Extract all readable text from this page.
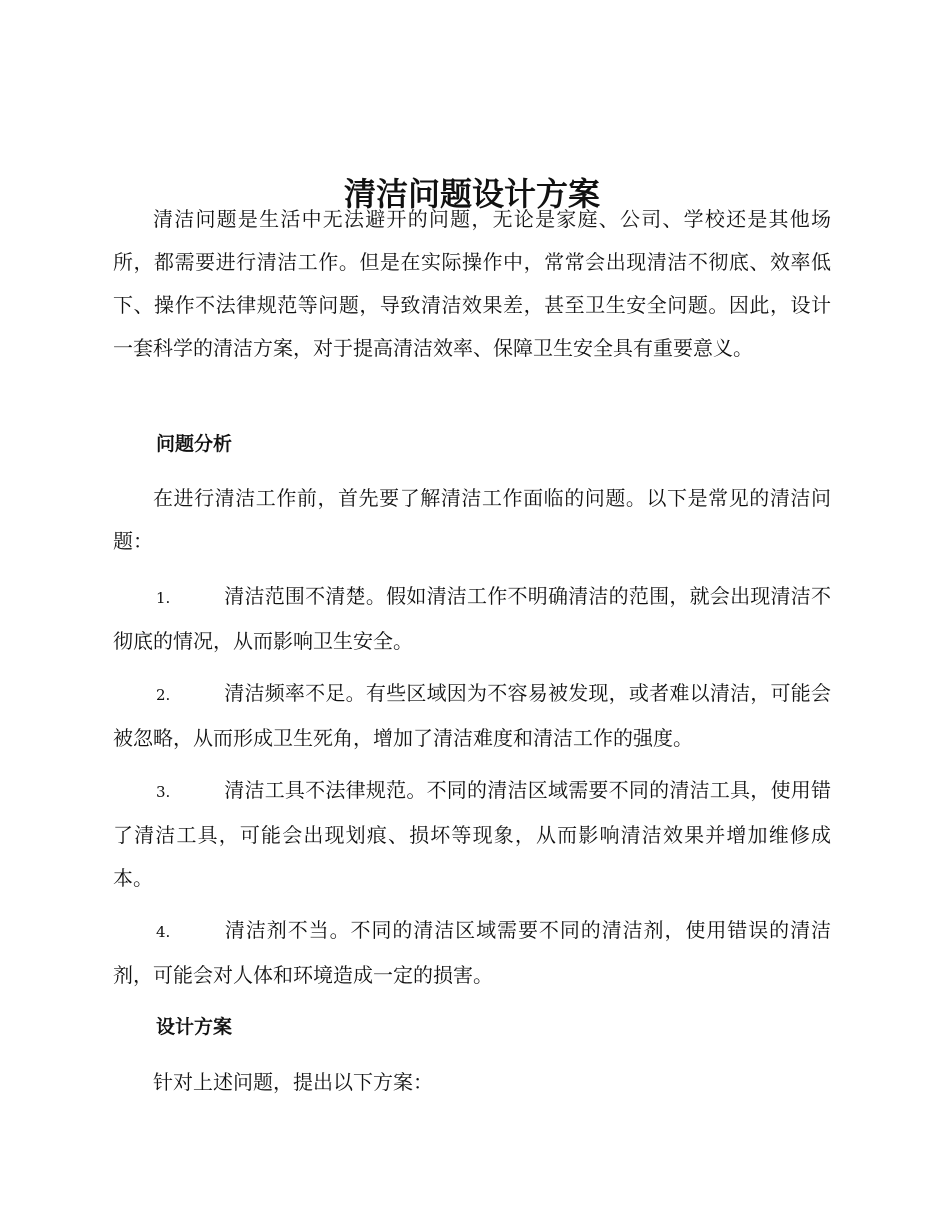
清洁问题设计方案

清洁问题是生活中无法避开的问题，无论是家庭、公司、学校还是其他场所，都需要进行清洁工作。但是在实际操作中，常常会出现清洁不彻底、效率低下、操作不法律规范等问题，导致清洁效果差，甚至卫生安全问题。因此，设计一套科学的清洁方案，对于提高清洁效率、保障卫生安全具有重要意义。

问题分析

在进行清洁工作前，首先要了解清洁工作面临的问题。以下是常见的清洁问题：

1.	清洁范围不清楚。假如清洁工作不明确清洁的范围，就会出现清洁不彻底的情况，从而影响卫生安全。

2.	清洁频率不足。有些区域因为不容易被发现，或者难以清洁，可能会被忽略，从而形成卫生死角，增加了清洁难度和清洁工作的强度。

3.	清洁工具不法律规范。不同的清洁区域需要不同的清洁工具，使用错了清洁工具，可能会出现划痕、损坏等现象，从而影响清洁效果并增加维修成本。

4.	清洁剂不当。不同的清洁区域需要不同的清洁剂，使用错误的清洁剂，可能会对人体和环境造成一定的损害。

设计方案

针对上述问题，提出以下方案：
